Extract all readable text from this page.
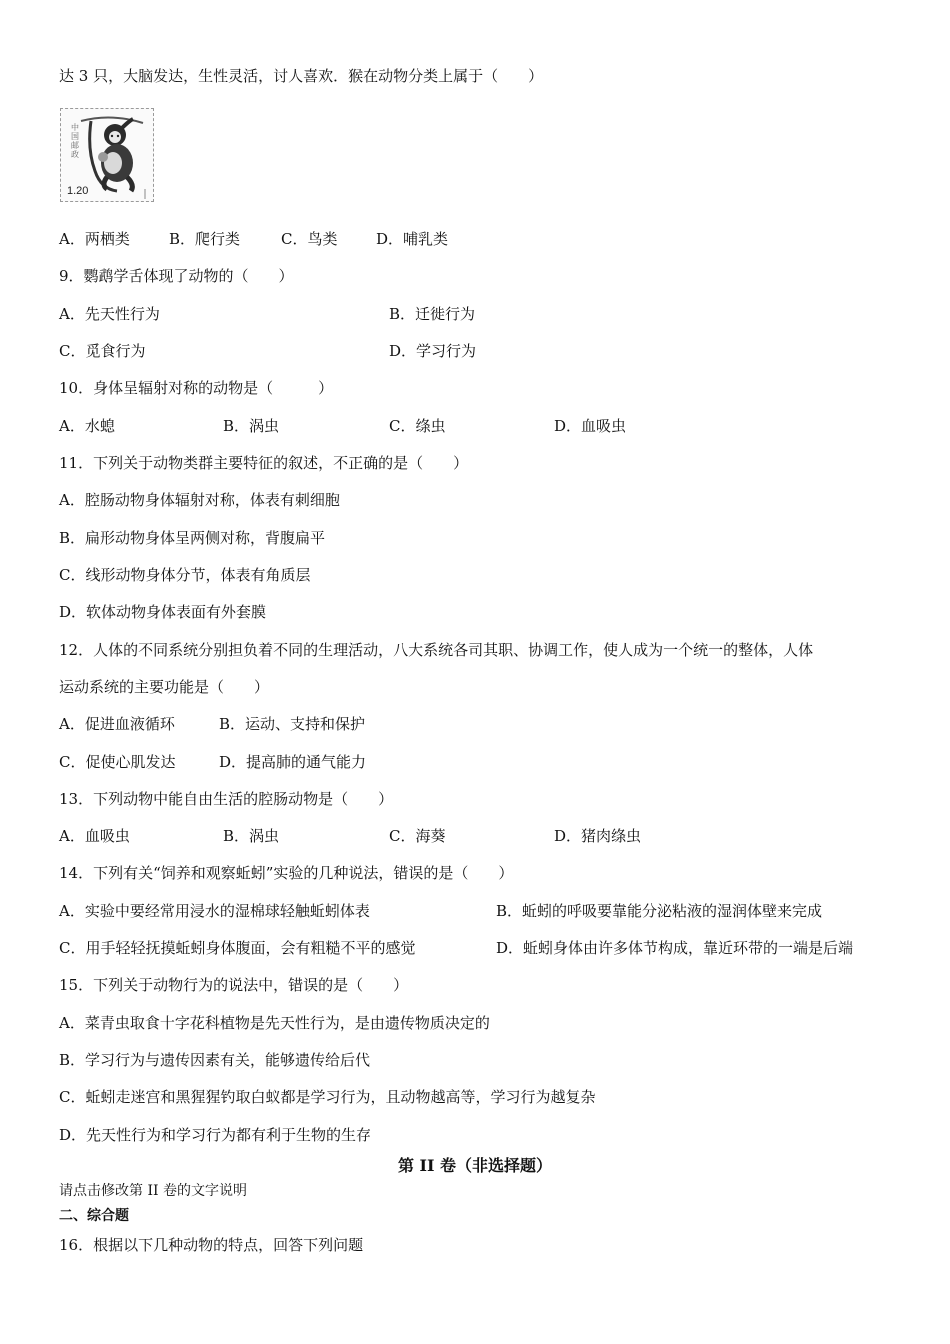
达 3 只，大脑发达，生性灵活，讨人喜欢．猴在动物分类上属于（　　）
中国邮政
1.20
A．两栖类	B．爬行类	C．鸟类	D．哺乳类
9．鹦鹉学舌体现了动物的（　　）
A．先天性行为	B．迁徙行为
C．觅食行为	D．学习行为
10．身体呈辐射对称的动物是（　　　）
A．水螅	B．涡虫	C．绦虫	D．血吸虫
11．下列关于动物类群主要特征的叙述，不正确的是（　　）
A．腔肠动物身体辐射对称，体表有刺细胞
B．扁形动物身体呈两侧对称，背腹扁平
C．线形动物身体分节，体表有角质层
D．软体动物身体表面有外套膜
12．人体的不同系统分别担负着不同的生理活动，八大系统各司其职、协调工作，使人成为一个统一的整体，人体
运动系统的主要功能是（　　）
A．促进血液循环	B．运动、支持和保护
C．促使心肌发达	D．提高肺的通气能力
13．下列动物中能自由生活的腔肠动物是（　　）
A．血吸虫	B．涡虫	C．海葵	D．猪肉绦虫
14．下列有关“饲养和观察蚯蚓”实验的几种说法，错误的是（　　）
A．实验中要经常用浸水的湿棉球轻触蚯蚓体表	B．蚯蚓的呼吸要靠能分泌粘液的湿润体壁来完成
C．用手轻轻抚摸蚯蚓身体腹面，会有粗糙不平的感觉	D．蚯蚓身体由许多体节构成，靠近环带的一端是后端
15．下列关于动物行为的说法中，错误的是（　　）
A．菜青虫取食十字花科植物是先天性行为，是由遗传物质决定的
B．学习行为与遗传因素有关，能够遗传给后代
C．蚯蚓走迷宫和黑猩猩钓取白蚁都是学习行为，且动物越高等，学习行为越复杂
D．先天性行为和学习行为都有利于生物的生存
第 II 卷（非选择题）
请点击修改第 II 卷的文字说明
二、综合题
16．根据以下几种动物的特点，回答下列问题
